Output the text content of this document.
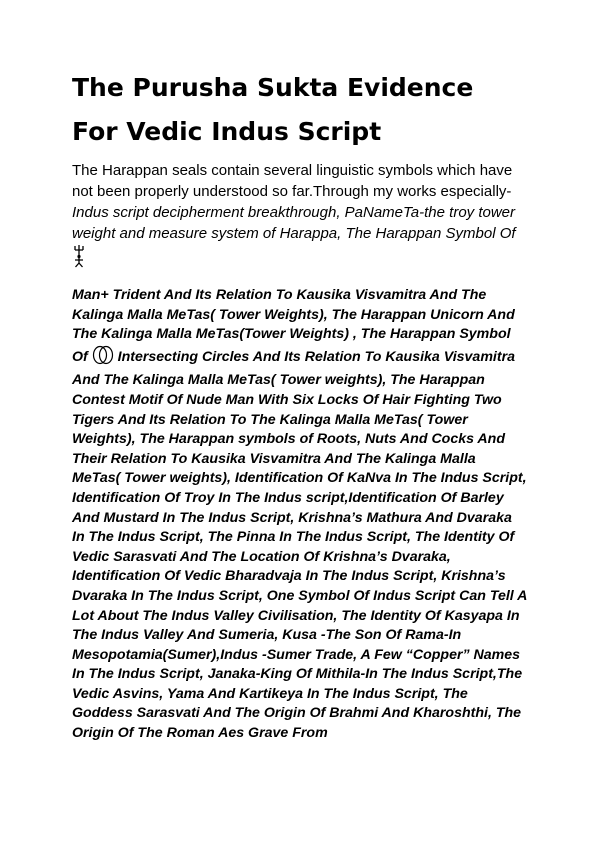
The Purusha Sukta Evidence
For Vedic Indus Script

The Harappan seals contain several linguistic symbols which have not been properly understood so far.Through my works especially- Indus script decipherment breakthrough, PaNameTa-the troy tower weight and measure system of Harappa, The Harappan Symbol Of

Man+ Trident And Its Relation To Kausika Visvamitra And The Kalinga Malla MeTas( Tower Weights), The Harappan Unicorn And The Kalinga Malla MeTas(Tower Weights) , The Harappan Symbol Of  Intersecting Circles And Its Relation To Kausika Visvamitra And The Kalinga Malla MeTas( Tower weights), The Harappan Contest Motif Of Nude Man With Six Locks Of Hair Fighting Two Tigers And Its Relation To The Kalinga Malla MeTas( Tower Weights), The Harappan symbols of Roots, Nuts And Cocks And Their Relation To Kausika Visvamitra And The Kalinga Malla MeTas( Tower weights), Identification Of KaNva In The Indus Script, Identification Of Troy In The Indus script,Identification Of Barley And Mustard In The Indus Script, Krishna’s Mathura And Dvaraka In The Indus Script, The Pinna In The Indus Script, The Identity Of Vedic Sarasvati And The Location Of Krishna’s Dvaraka, Identification Of Vedic Bharadvaja In The Indus Script, Krishna’s Dvaraka In The Indus Script, One Symbol Of Indus Script Can Tell A Lot About The Indus Valley Civilisation, The Identity Of Kasyapa In The Indus Valley And Sumeria, Kusa -The Son Of Rama-In Mesopotamia(Sumer),Indus -Sumer Trade, A Few “Copper” Names In The Indus Script, Janaka-King Of Mithila-In The Indus Script,The Vedic Asvins, Yama And Kartikeya In The Indus Script, The Goddess Sarasvati And The Origin Of Brahmi And Kharoshthi, The Origin Of The Roman Aes Grave From
